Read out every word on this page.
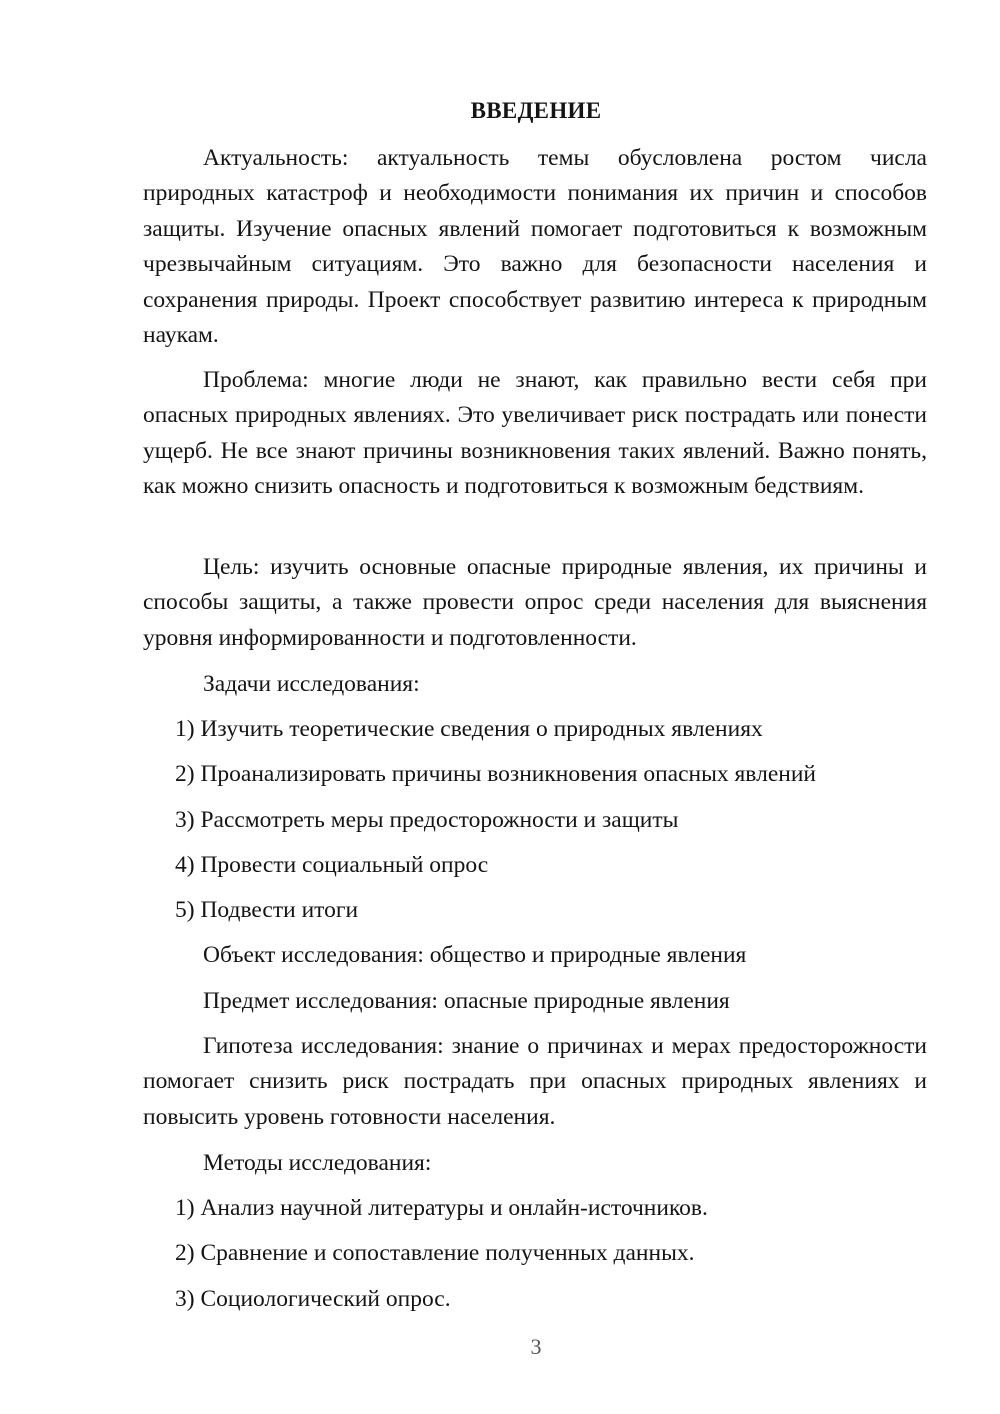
ВВЕДЕНИЕ

Актуальность: актуальность темы обусловлена ростом числа природных катастроф и необходимости понимания их причин и способов защиты. Изучение опасных явлений помогает подготовиться к возможным чрезвычайным ситуациям. Это важно для безопасности населения и сохранения природы. Проект способствует развитию интереса к природным наукам.

Проблема: многие люди не знают, как правильно вести себя при опасных природных явлениях. Это увеличивает риск пострадать или понести ущерб. Не все знают причины возникновения таких явлений. Важно понять, как можно снизить опасность и подготовиться к возможным бедствиям.

Цель: изучить основные опасные природные явления, их причины и способы защиты, а также провести опрос среди населения для выяснения уровня информированности и подготовленности.

Задачи исследования:

1) Изучить теоретические сведения о природных явлениях

2) Проанализировать причины возникновения опасных явлений

3) Рассмотреть меры предосторожности и защиты

4) Провести социальный опрос

5) Подвести итоги

Объект исследования: общество и природные явления

Предмет исследования: опасные природные явления

Гипотеза исследования: знание о причинах и мерах предосторожности помогает снизить риск пострадать при опасных природных явлениях и повысить уровень готовности населения.

Методы исследования:

1) Анализ научной литературы и онлайн-источников.

2) Сравнение и сопоставление полученных данных.

3) Социологический опрос.

3
